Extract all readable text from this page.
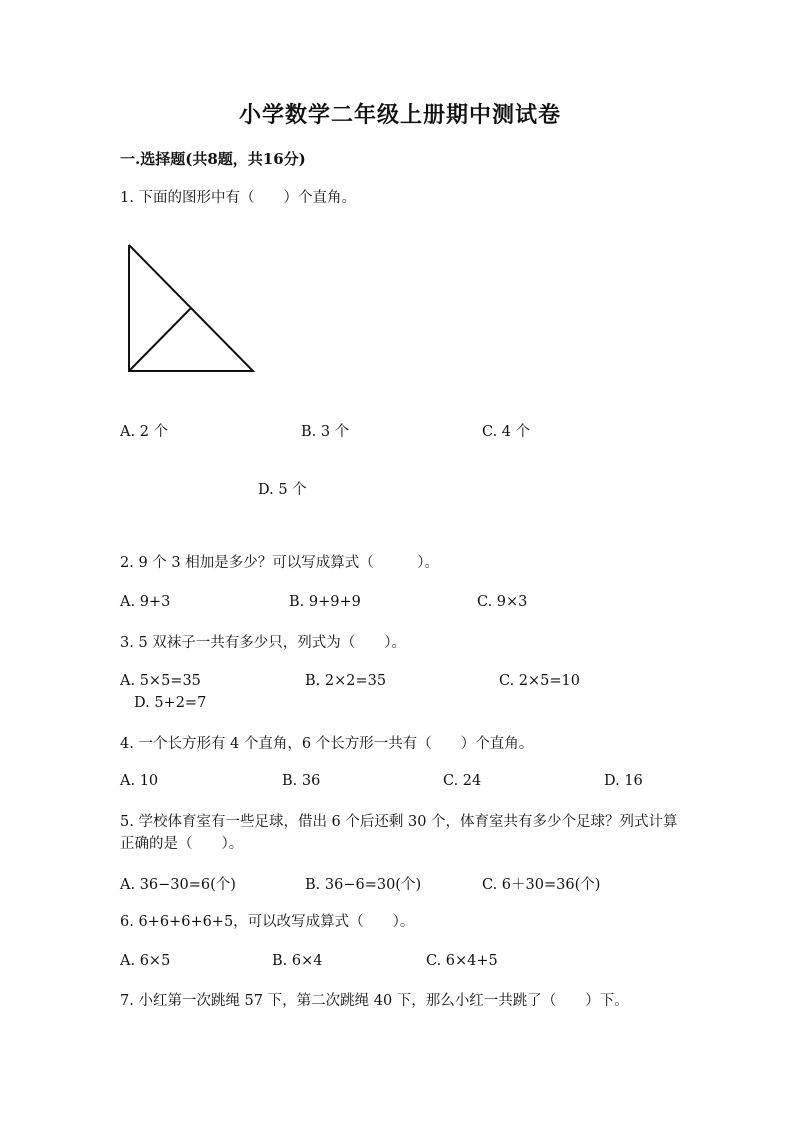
小学数学二年级上册期中测试卷
一.选择题(共8题，共16分)
1. 下面的图形中有（　　）个直角。
A. 2 个	B. 3 个	C. 4 个
D. 5 个
2. 9 个 3 相加是多少？可以写成算式（　　　）。
A. 9+3	B. 9+9+9	C. 9×3
3. 5 双袜子一共有多少只，列式为（　　）。
A. 5×5=35	B. 2×2=35	C. 2×5=10
D. 5+2=7
4. 一个长方形有 4 个直角，6 个长方形一共有（　　）个直角。
A. 10	B. 36	C. 24	D. 16
5. 学校体育室有一些足球，借出 6 个后还剩 30 个，体育室共有多少个足球？列式计算正确的是（　　）。
A. 36−30=6(个)	B. 36−6=30(个)	C. 6＋30=36(个)
6. 6+6+6+6+5，可以改写成算式（　　）。
A. 6×5	B. 6×4	C. 6×4+5
7. 小红第一次跳绳 57 下，第二次跳绳 40 下，那么小红一共跳了（　　）下。
